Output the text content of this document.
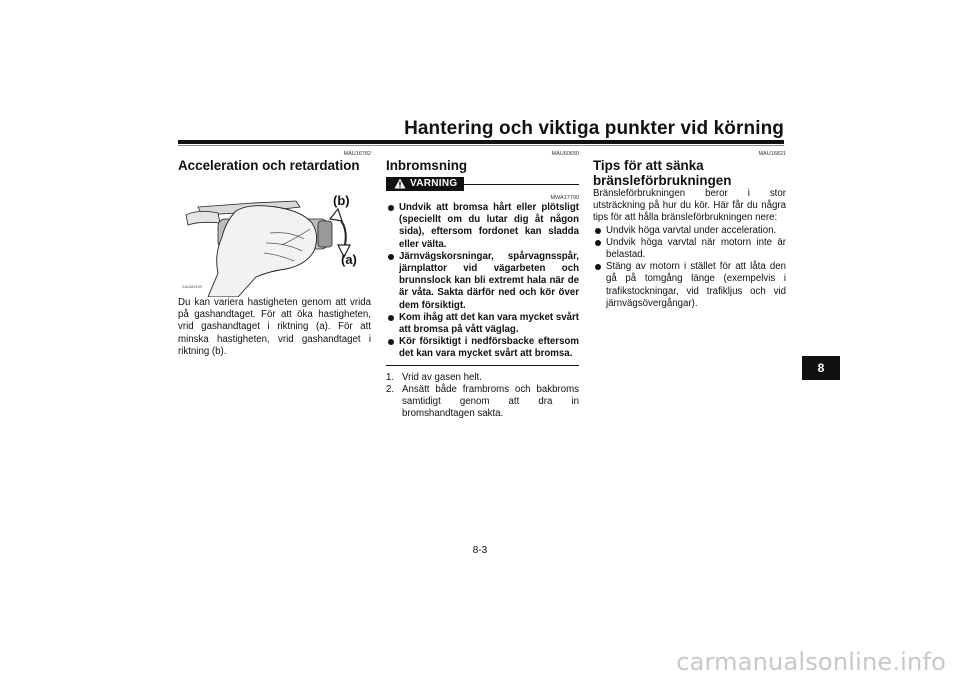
Hantering och viktiga punkter vid körning
MAU16782
Acceleration och retardation
(b)
(a)
ZAUM4199
Du kan variera hastigheten genom att vrida på gashandtaget. För att öka hastigheten, vrid gashandtaget i riktning (a). För att minska hastigheten, vrid gashandtaget i riktning (b).
MAU60650
Inbromsning
VARNING
MWA17790
Undvik att bromsa hårt eller plötsligt (speciellt om du lutar dig åt någon sida), eftersom fordonet kan sladda eller välta.
Järnvägskorsningar, spårvagnsspår, järnplattor vid vägarbeten och brunnslock kan bli extremt hala när de är våta. Sakta därför ned och kör över dem försiktigt.
Kom ihåg att det kan vara mycket svårt att bromsa på vått väglag.
Kör försiktigt i nedförsbacke eftersom det kan vara mycket svårt att bromsa.
1. Vrid av gasen helt.
2. Ansätt både frambroms och bakbroms samtidigt genom att dra in bromshandtagen sakta.
MAU16821
Tips för att sänka bränsleförbrukningen
Bränsleförbrukningen beror i stor utsträckning på hur du kör. Här får du några tips för att hålla bränsleförbrukningen nere:
Undvik höga varvtal under acceleration.
Undvik höga varvtal när motorn inte är belastad.
Stäng av motorn i stället för att låta den gå på tomgång länge (exempelvis i trafikstockningar, vid trafikljus och vid järnvägsövergångar).
8
8-3
carmanualsonline.info
